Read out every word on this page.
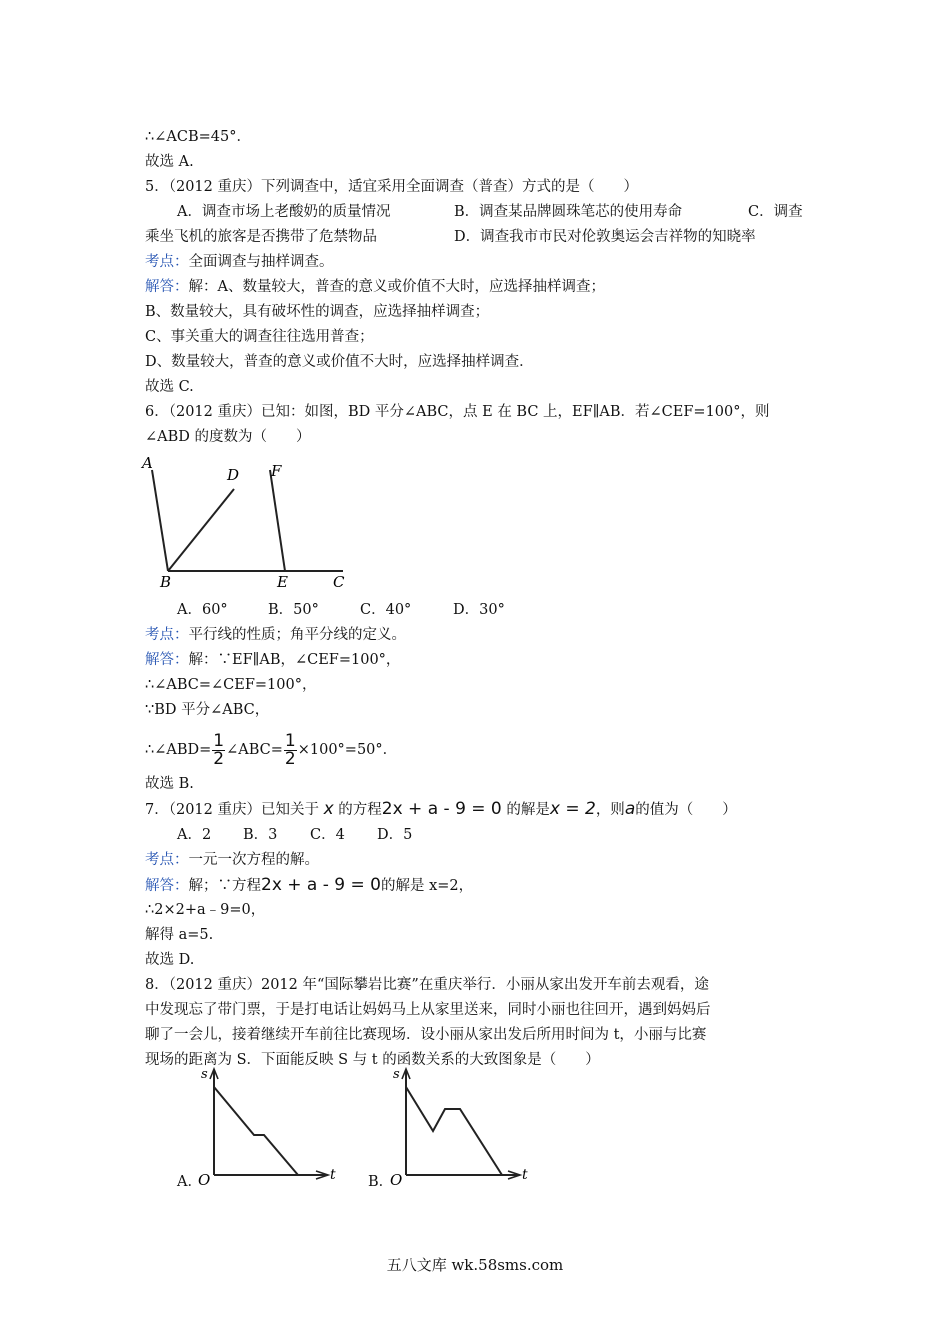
∴∠ACB=45°．
故选 A.
5．（2012 重庆）下列调查中，适宜采用全面调查（普查）方式的是（　　）
A．调查市场上老酸奶的质量情况	B．调查某品牌圆珠笔芯的使用寿命	C．调查
乘坐飞机的旅客是否携带了危禁物品	D．调查我市市民对伦敦奥运会吉祥物的知晓率
考点：全面调查与抽样调查。
解答：解：A、数量较大，普查的意义或价值不大时，应选择抽样调查；
B、数量较大，具有破坏性的调查，应选择抽样调查；
C、事关重大的调查往往选用普查；
D、数量较大，普查的意义或价值不大时，应选择抽样调查．
故选 C.
6．（2012 重庆）已知：如图，BD 平分∠ABC，点 E 在 BC 上，EF∥AB．若∠CEF=100°，则
∠ABD 的度数为（　　）
A
D F
B	E	C
A．60°	B．50°	C．40°	D．30°
考点：平行线的性质；角平分线的定义。
解答：解：∵EF∥AB，∠CEF=100°，
∴∠ABC=∠CEF=100°，
∵BD 平分∠ABC，
∴∠ABD= $\frac{1}{2}$ ∠ABC= $\frac{1}{2} \times 100^\circ=50^\circ$．
故选 B.
7．（2012 重庆）已知关于 x 的方程2x + a - 9 = 0 的解是x = 2，则a的值为（　　）
A．2 B．3 C．4 D．5
考点：一元一次方程的解。
解答：解；∵方程2x + a - 9 = 0的解是 x=2，
∴2×2+a﹣9=0，
解得 a=5.
故选 D.
8．（2012 重庆）2012 年“国际攀岩比赛”在重庆举行．小丽从家出发开车前去观看，途
中发现忘了带门票，于是打电话让妈妈马上从家里送来，同时小丽也往回开，遇到妈妈后
聊了一会儿，接着继续开车前往比赛现场．设小丽从家出发后所用时间为 t，小丽与比赛
现场的距离为 S．下面能反映 S 与 t 的函数关系的大致图象是（　　）
A．
s
t
O	B．
s
t
O
五八文库 wk.58sms.com
